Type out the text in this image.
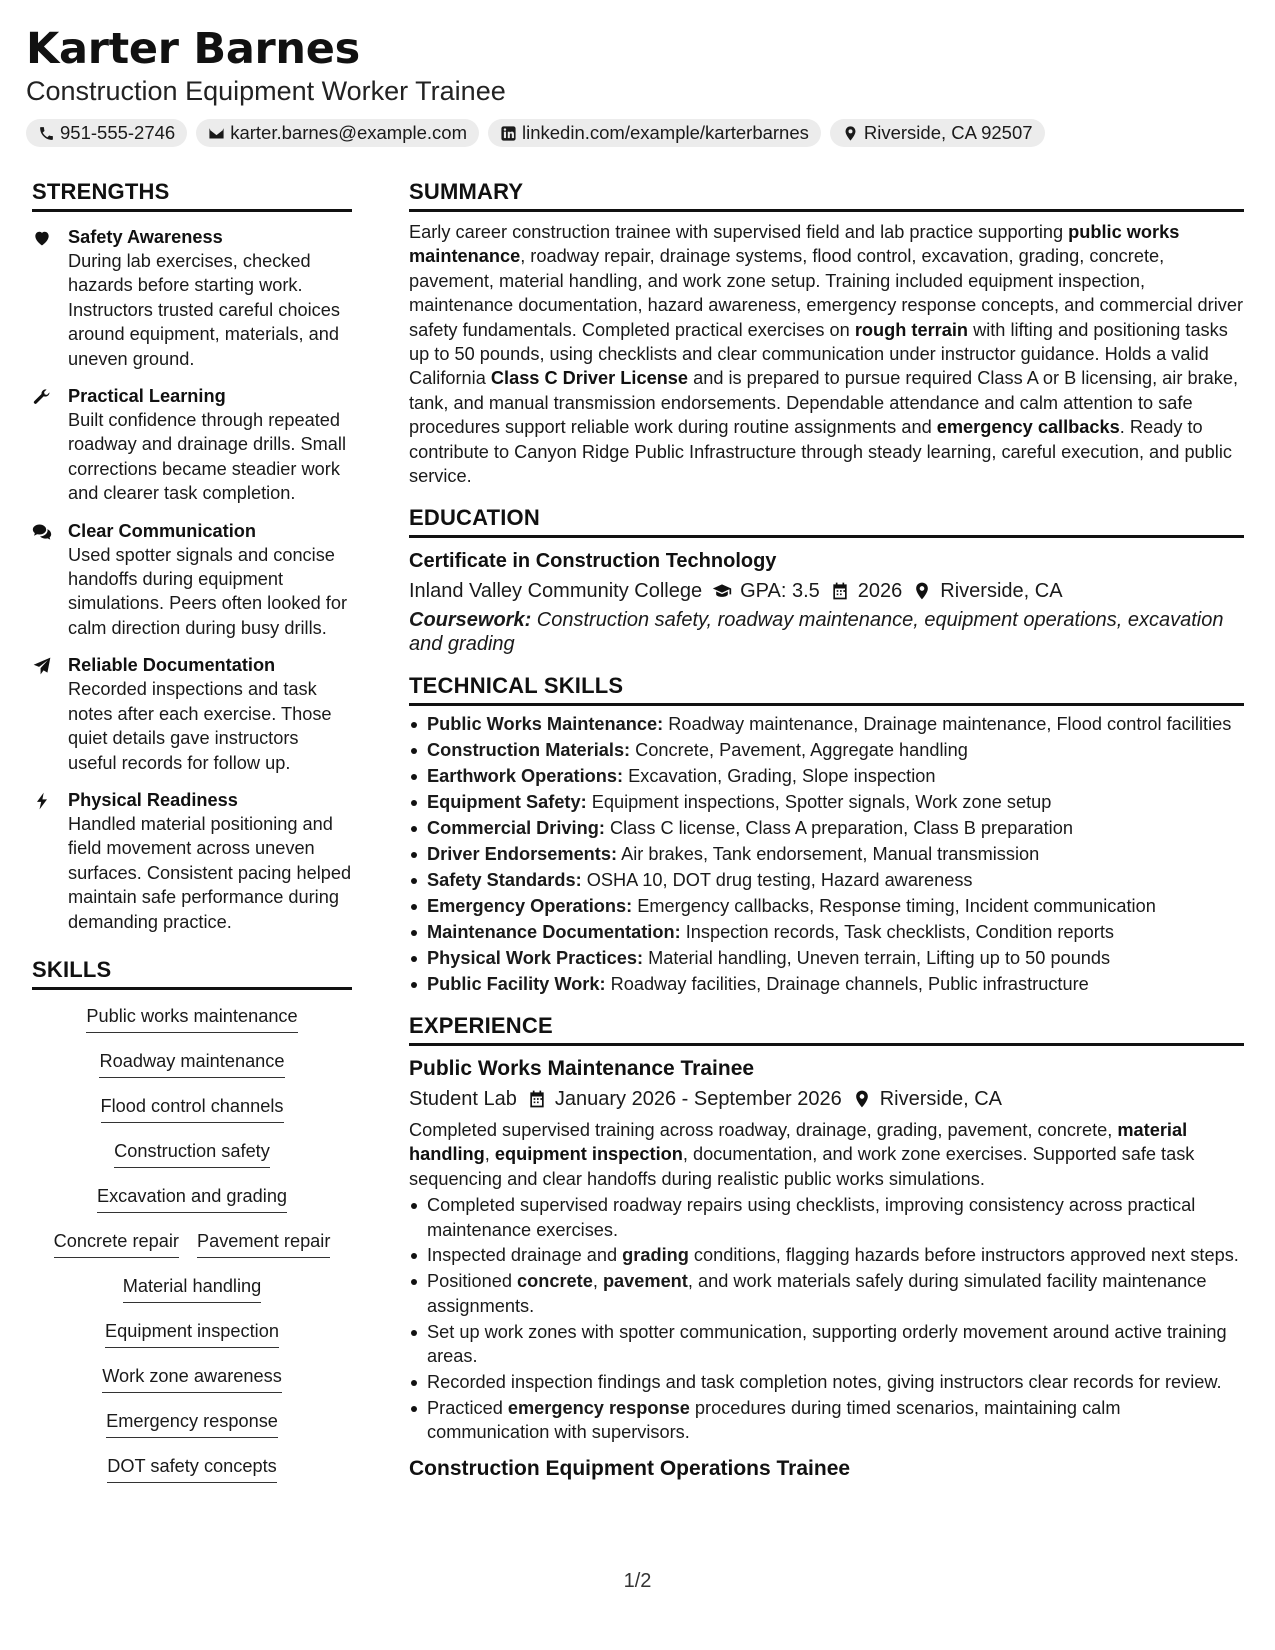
Karter Barnes
Construction Equipment Worker Trainee
951-555-2746	karter.barnes@example.com	linkedin.com/example/karterbarnes	Riverside, CA 92507
STRENGTHS
Safety Awareness
During lab exercises, checked hazards before starting work. Instructors trusted careful choices around equipment, materials, and uneven ground.
Practical Learning
Built confidence through repeated roadway and drainage drills. Small corrections became steadier work and clearer task completion.
Clear Communication
Used spotter signals and concise handoffs during equipment simulations. Peers often looked for calm direction during busy drills.
Reliable Documentation
Recorded inspections and task notes after each exercise. Those quiet details gave instructors useful records for follow up.
Physical Readiness
Handled material positioning and field movement across uneven surfaces. Consistent pacing helped maintain safe performance during demanding practice.
SKILLS
Public works maintenance
Roadway maintenance
Flood control channels
Construction safety
Excavation and grading
Concrete repair Pavement repair
Material handling
Equipment inspection
Work zone awareness
Emergency response
DOT safety concepts
SUMMARY
Early career construction trainee with supervised field and lab practice supporting public works maintenance, roadway repair, drainage systems, flood control, excavation, grading, concrete, pavement, material handling, and work zone setup. Training included equipment inspection, maintenance documentation, hazard awareness, emergency response concepts, and commercial driver safety fundamentals. Completed practical exercises on rough terrain with lifting and positioning tasks up to 50 pounds, using checklists and clear communication under instructor guidance. Holds a valid California Class C Driver License and is prepared to pursue required Class A or B licensing, air brake, tank, and manual transmission endorsements. Dependable attendance and calm attention to safe procedures support reliable work during routine assignments and emergency callbacks. Ready to contribute to Canyon Ridge Public Infrastructure through steady learning, careful execution, and public service.
EDUCATION
Certificate in Construction Technology
Inland Valley Community College GPA: 3.5 2026 Riverside, CA
Coursework: Construction safety, roadway maintenance, equipment operations, excavation and grading
TECHNICAL SKILLS
Public Works Maintenance: Roadway maintenance, Drainage maintenance, Flood control facilities
Construction Materials: Concrete, Pavement, Aggregate handling
Earthwork Operations: Excavation, Grading, Slope inspection
Equipment Safety: Equipment inspections, Spotter signals, Work zone setup
Commercial Driving: Class C license, Class A preparation, Class B preparation
Driver Endorsements: Air brakes, Tank endorsement, Manual transmission
Safety Standards: OSHA 10, DOT drug testing, Hazard awareness
Emergency Operations: Emergency callbacks, Response timing, Incident communication
Maintenance Documentation: Inspection records, Task checklists, Condition reports
Physical Work Practices: Material handling, Uneven terrain, Lifting up to 50 pounds
Public Facility Work: Roadway facilities, Drainage channels, Public infrastructure
EXPERIENCE
Public Works Maintenance Trainee
Student Lab January 2026 - September 2026 Riverside, CA
Completed supervised training across roadway, drainage, grading, pavement, concrete, material handling, equipment inspection, documentation, and work zone exercises. Supported safe task sequencing and clear handoffs during realistic public works simulations.
Completed supervised roadway repairs using checklists, improving consistency across practical maintenance exercises.
Inspected drainage and grading conditions, flagging hazards before instructors approved next steps.
Positioned concrete, pavement, and work materials safely during simulated facility maintenance assignments.
Set up work zones with spotter communication, supporting orderly movement around active training areas.
Recorded inspection findings and task completion notes, giving instructors clear records for review.
Practiced emergency response procedures during timed scenarios, maintaining calm communication with supervisors.
Construction Equipment Operations Trainee
1/2
